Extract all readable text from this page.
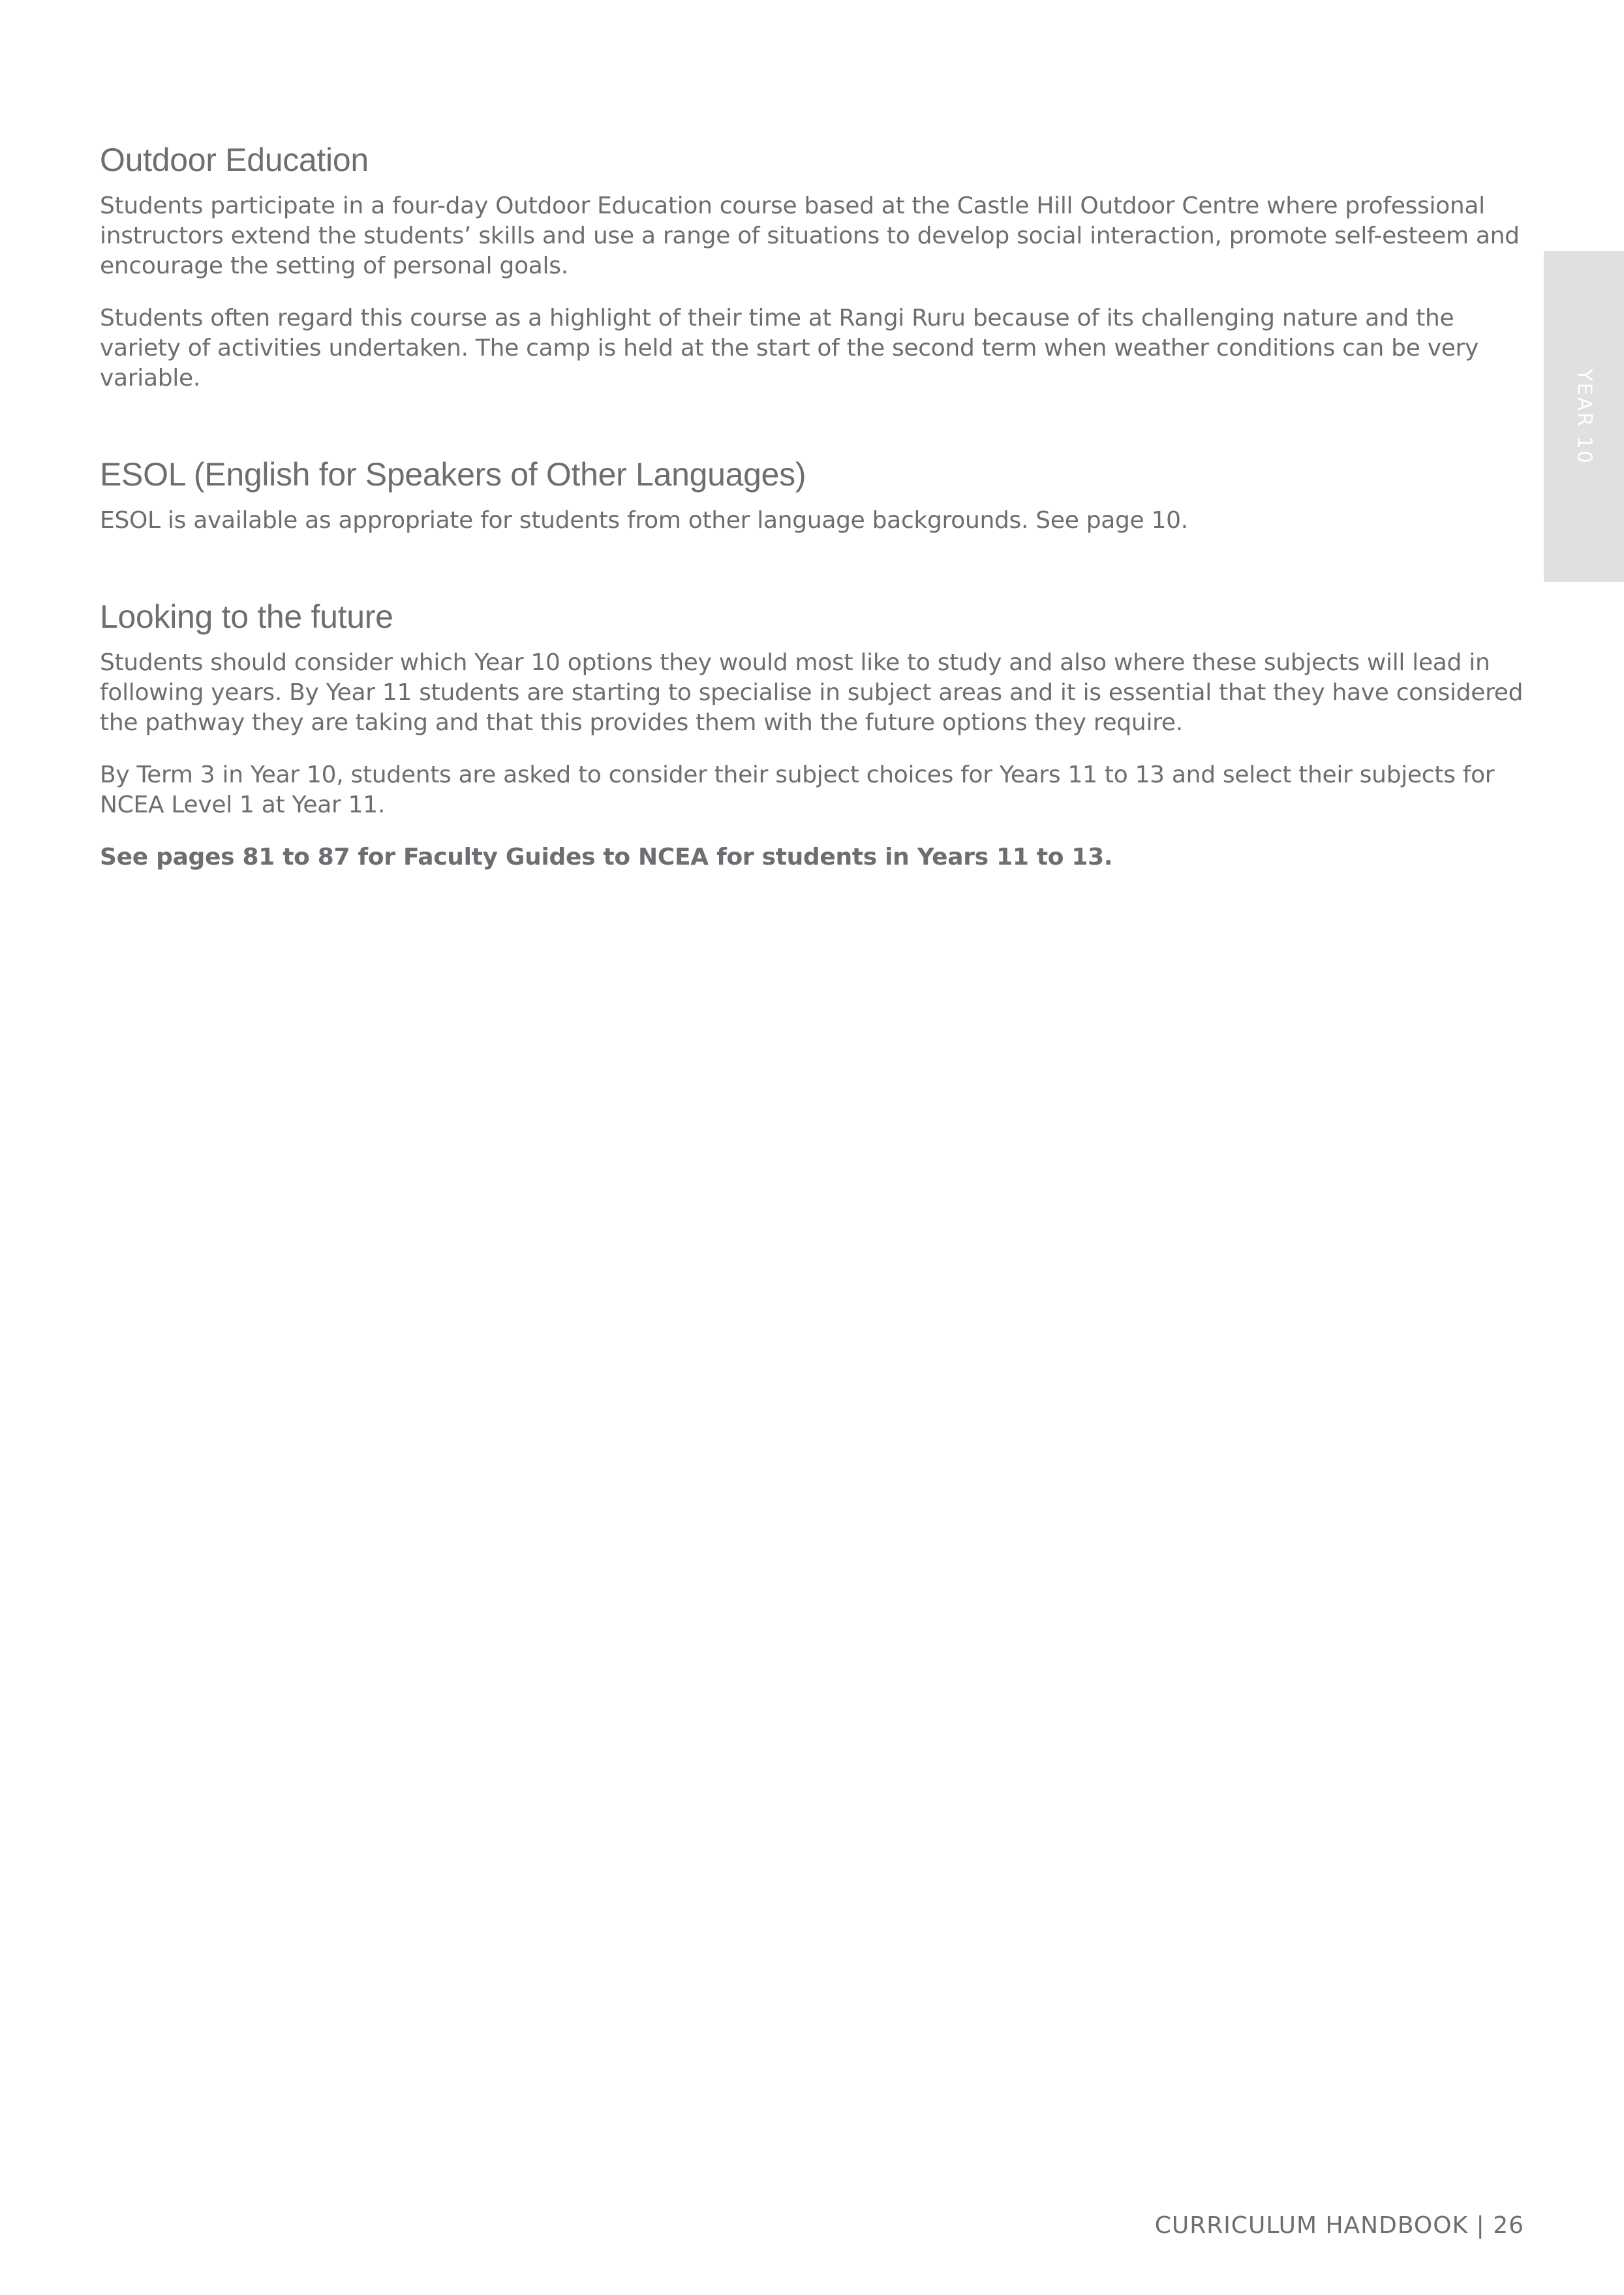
Outdoor Education

Students participate in a four-day Outdoor Education course based at the Castle Hill Outdoor Centre where professional instructors extend the students’ skills and use a range of situations to develop social interaction, promote self-esteem and encourage the setting of personal goals.

Students often regard this course as a highlight of their time at Rangi Ruru because of its challenging nature and the variety of activities undertaken. The camp is held at the start of the second term when weather conditions can be very variable.

ESOL (English for Speakers of Other Languages)

ESOL is available as appropriate for students from other language backgrounds. See page 10.

Looking to the future

Students should consider which Year 10 options they would most like to study and also where these subjects will lead in following years. By Year 11 students are starting to specialise in subject areas and it is essential that they have considered the pathway they are taking and that this provides them with the future options they require.

By Term 3 in Year 10, students are asked to consider their subject choices for Years 11 to 13 and select their subjects for NCEA Level 1 at Year 11.

See pages 81 to 87 for Faculty Guides to NCEA for students in Years 11 to 13.

YEAR 10
CURRICULUM HANDBOOK | 26
